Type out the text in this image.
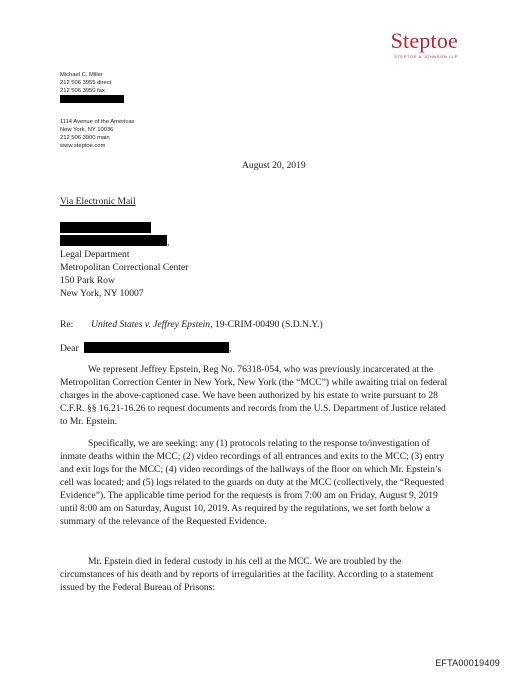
Steptoe
STEPTOE & JOHNSON LLP
Michael C. Miller
212 506 3955 direct
212 506 3950 fax
1114 Avenue of the Americas
New York, NY 10036
212 506 3900 main
www.steptoe.com
August 20, 2019
Via Electronic Mail
,
Legal Department
Metropolitan Correctional Center
150 Park Row
New York, NY 10007
Re: United States v. Jeffrey Epstein, 19-CRIM-00490 (S.D.N.Y.)
Dear	,

We represent Jeffrey Epstein, Reg No. 76318-054, who was previously incarcerated at the Metropolitan Correction Center in New York, New York (the “MCC”) while awaiting trial on federal charges in the above-captioned case. We have been authorized by his estate to write pursuant to 28 C.F.R. §§ 16.21-16.26 to request documents and records from the U.S. Department of Justice related to Mr. Epstein.

Specifically, we are seeking: any (1) protocols relating to the response to/investigation of inmate deaths within the MCC; (2) video recordings of all entrances and exits to the MCC; (3) entry and exit logs for the MCC; (4) video recordings of the hallways of the floor on which Mr. Epstein’s cell was located; and (5) logs related to the guards on duty at the MCC (collectively, the “Requested Evidence”). The applicable time period for the requests is from 7:00 am on Friday, August 9, 2019 until 8:00 am on Saturday, August 10, 2019. As required by the regulations, we set forth below a summary of the relevance of the Requested Evidence.

Mr. Epstein died in federal custody in his cell at the MCC. We are troubled by the circumstances of his death and by reports of irregularities at the facility. According to a statement issued by the Federal Bureau of Prisons:

EFTA00019409
